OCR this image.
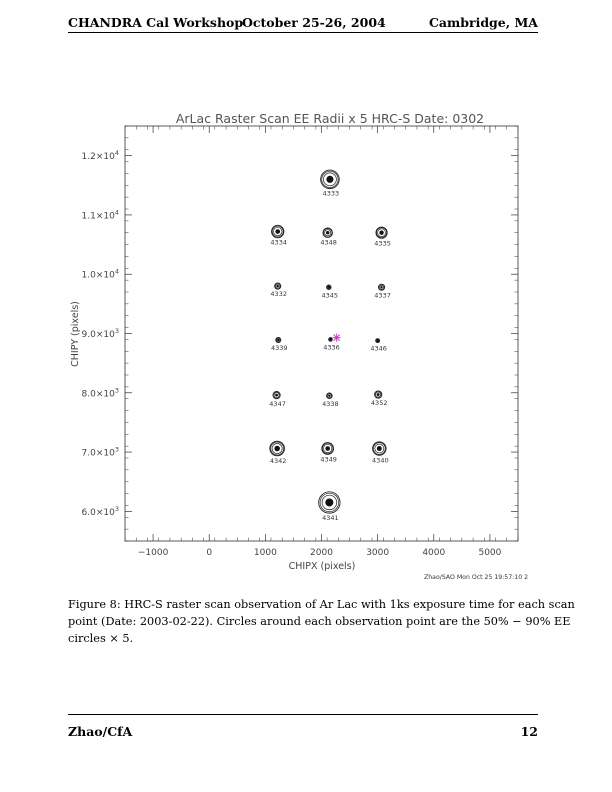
CHANDRA Cal Workshop
October 25-26, 2004	Cambridge, MA
ArLac Raster Scan EE Radii x 5 HRC-S Date: 0302
−1000	0	1000	2000	3000	4000	5000
$6.0\times 10^3$
$7.0\times 10^3$
$8.0\times 10^3$
$9.0\times 10^3$
$1.0\times 10^4$
$1.1\times 10^4$
$1.2\times 10^4$
4333
4334	4348	4335
4332	4345	4337
4339	4336	4346
4347	4338	4352
4342	4349	4340
4341
CHIPX (pixels)
CHIPY (pixels)
Zhao/SAO Mon Oct 25 19:57:10 2
Figure 8: HRC-S raster scan observation of Ar Lac with 1ks exposure time for each scan
point (Date: 2003-02-22). Circles around each observation point are the 50% − 90% EE
circles × 5.
Zhao/CfA	12
